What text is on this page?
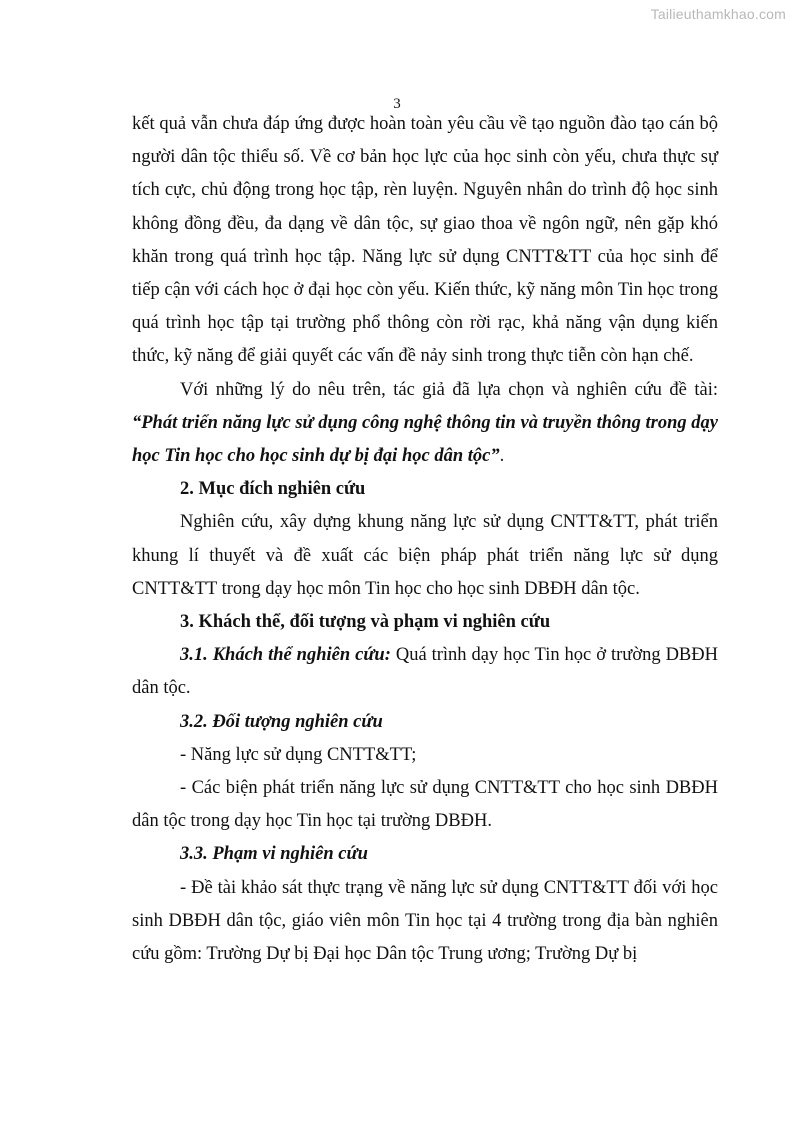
Tailieuthamkhao.com
3

kết quả vẫn chưa đáp ứng được hoàn toàn yêu cầu về tạo nguồn đào tạo cán bộ người dân tộc thiểu số. Về cơ bản học lực của học sinh còn yếu, chưa thực sự tích cực, chủ động trong học tập, rèn luyện. Nguyên nhân do trình độ học sinh không đồng đều, đa dạng về dân tộc, sự giao thoa về ngôn ngữ, nên gặp khó khăn trong quá trình học tập. Năng lực sử dụng CNTT&TT của học sinh để tiếp cận với cách học ở đại học còn yếu. Kiến thức, kỹ năng môn Tin học trong quá trình học tập tại trường phổ thông còn rời rạc, khả năng vận dụng kiến thức, kỹ năng để giải quyết các vấn đề nảy sinh trong thực tiễn còn hạn chế.

Với những lý do nêu trên, tác giả đã lựa chọn và nghiên cứu đề tài: “Phát triển năng lực sử dụng công nghệ thông tin và truyền thông trong dạy học Tin học cho học sinh dự bị đại học dân tộc”.

2. Mục đích nghiên cứu

Nghiên cứu, xây dựng khung năng lực sử dụng CNTT&TT, phát triển khung lí thuyết và đề xuất các biện pháp phát triển năng lực sử dụng CNTT&TT trong dạy học môn Tin học cho học sinh DBĐH dân tộc.

3. Khách thể, đối tượng và phạm vi nghiên cứu

3.1. Khách thể nghiên cứu: Quá trình dạy học Tin học ở trường DBĐH dân tộc.

3.2. Đối tượng nghiên cứu

- Năng lực sử dụng CNTT&TT;

- Các biện phát triển năng lực sử dụng CNTT&TT cho học sinh DBĐH dân tộc trong dạy học Tin học tại trường DBĐH.

3.3. Phạm vi nghiên cứu

- Đề tài khảo sát thực trạng về năng lực sử dụng CNTT&TT đối với học sinh DBĐH dân tộc, giáo viên môn Tin học tại 4 trường trong địa bàn nghiên cứu gồm: Trường Dự bị Đại học Dân tộc Trung ương; Trường Dự bị
